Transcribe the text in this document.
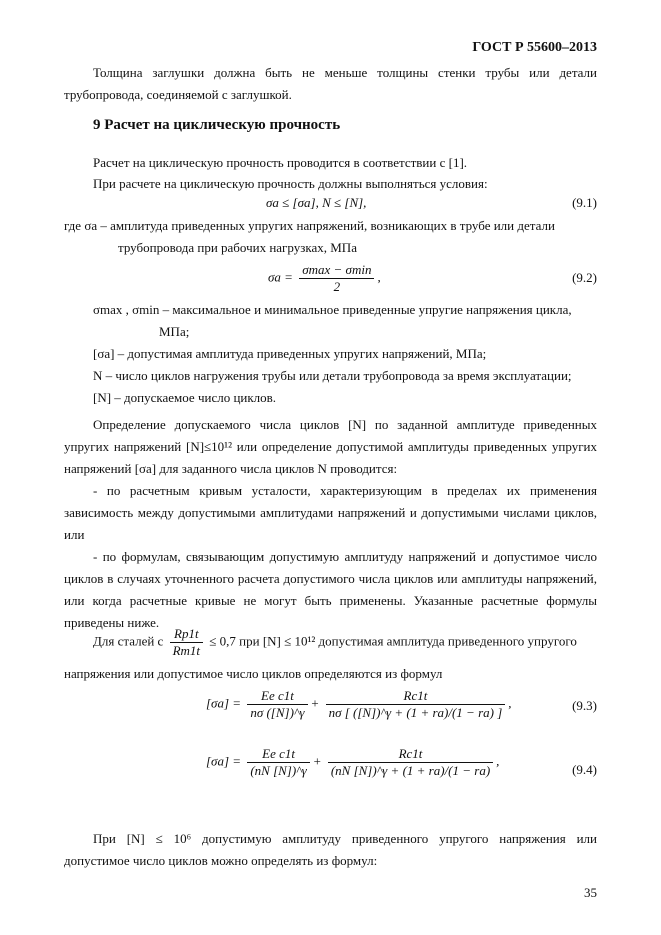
ГОСТ Р 55600–2013
Толщина заглушки должна быть не меньше толщины стенки трубы или детали трубопровода, соединяемой с заглушкой.
9 Расчет на циклическую прочность
Расчет на циклическую прочность проводится в соответствии с [1].
При расчете на циклическую прочность должны выполняться условия:
σa ≤ [σa], N ≤ [N],	(9.1)
где σa – амплитуда приведенных упругих напряжений, возникающих в трубе или детали
трубопровода при рабочих нагрузках, МПа
$\sigma a = \frac{\sigma\max - \sigma\min}{2}$ ,	(9.2)
σmax , σmin – максимальное и минимальное приведенные упругие напряжения цикла,
МПа;
[σa] – допустимая амплитуда приведенных упругих напряжений, МПа;
N – число циклов нагружения трубы или детали трубопровода за время эксплуатации;
[N] – допускаемое число циклов.
Определение допускаемого числа циклов [N] по заданной амплитуде приведенных упругих напряжений [N]≤10¹² или определение допустимой амплитуды приведенных упругих напряжений [σa] для заданного числа циклов N проводится:
- по расчетным кривым усталости, характеризующим в пределах их применения зависимость между допустимыми амплитудами напряжений и допустимыми числами циклов, или
- по формулам, связывающим допустимую амплитуду напряжений и допустимое число циклов в случаях уточненного расчета допустимого числа циклов или амплитуды напряжений, или когда расчетные кривые не могут быть применены. Указанные расчетные формулы приведены ниже.
Для сталей с $\frac{Rp1t}{Rm1t} \le 0,7$ при [N] ≤ 10¹² допустимая амплитуда приведенного упругого
напряжения или допустимое число циклов определяются из формул
$[\sigma a] = \frac{\text{Ee c1t}}{n\sigma ([N])\^{}\gamma} + \frac{Rc1t}{n\sigma [ ([N])\^{}\gamma + (1 + ra)/(1 - ra) ]}$ ,	(9.3)
$[\sigma a] = \frac{\text{Ee c1t}}{(nN [N])\^{}\gamma} + \frac{Rc1t}{(nN [N])\^{}\gamma + (1 + ra)/(1 - ra)}$ ,
(9.4)
При [N] ≤ 10⁶ допустимую амплитуду приведенного упругого напряжения или допустимое число циклов можно определять из формул:
35
